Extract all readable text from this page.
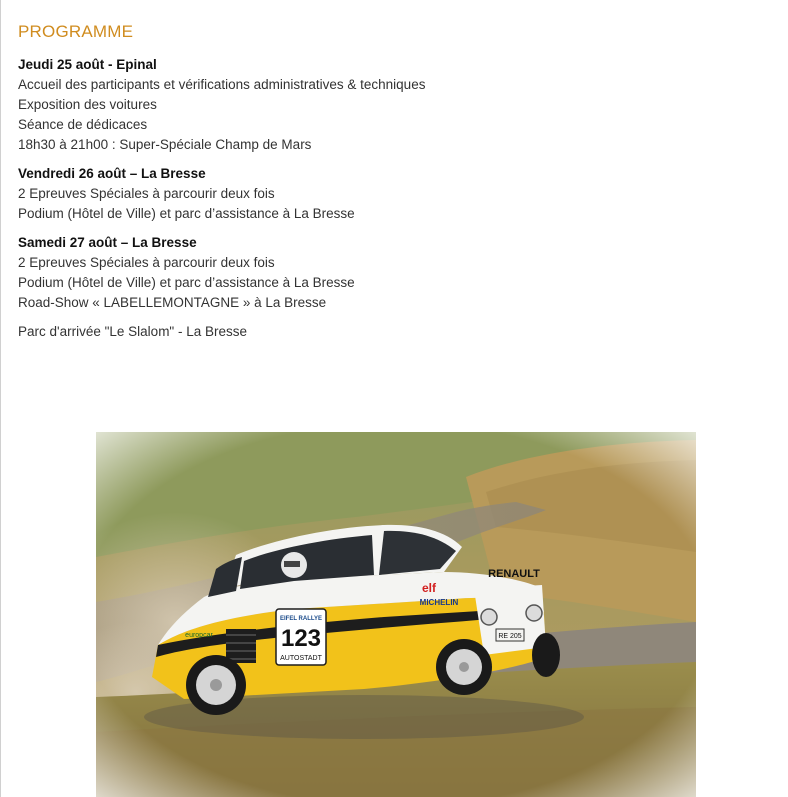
PROGRAMME
Jeudi 25 août - Epinal
Accueil des participants et vérifications administratives & techniques
Exposition des voitures
Séance de dédicaces
18h30 à 21h00 : Super-Spéciale Champ de Mars
Vendredi 26 août – La Bresse
2 Epreuves Spéciales à parcourir deux fois
Podium (Hôtel de Ville) et parc d’assistance à La Bresse
Samedi 27 août – La Bresse
2 Epreuves Spéciales à parcourir deux fois
Podium (Hôtel de Ville) et parc d’assistance à La Bresse
Road-Show « LABELLEMONTAGNE » à La Bresse
Parc d'arrivée "Le Slalom" - La Bresse
